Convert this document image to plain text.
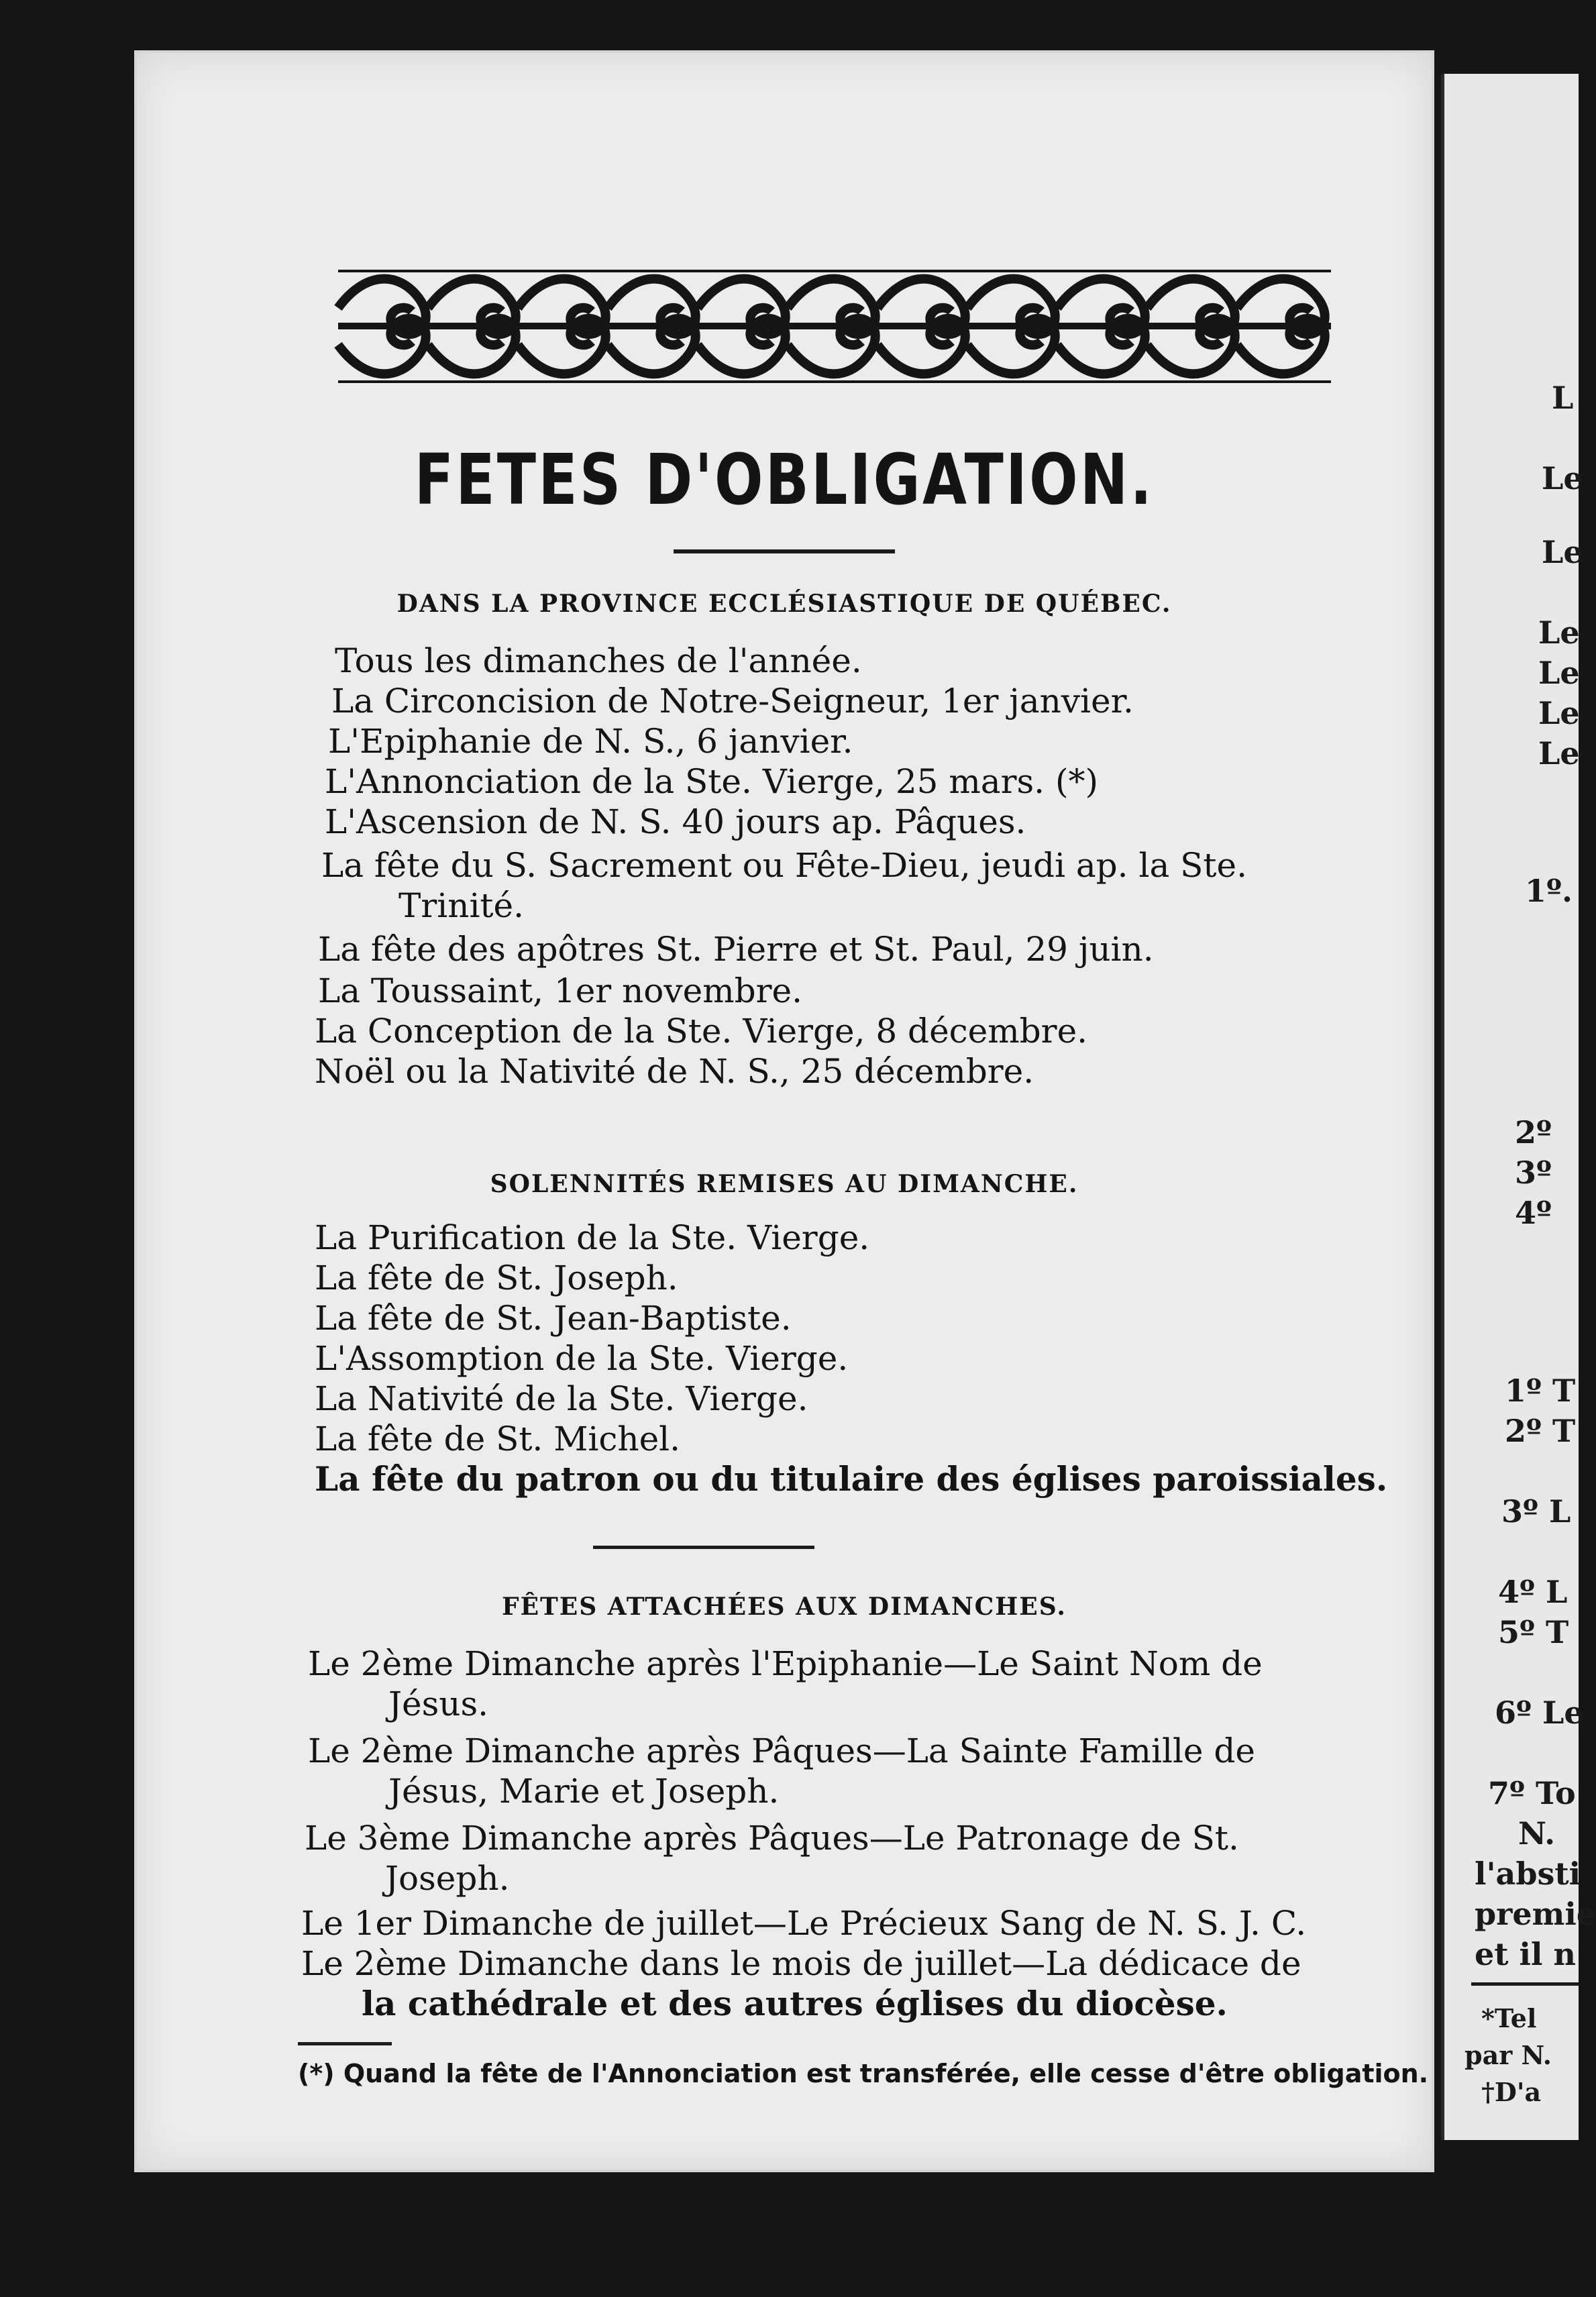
FETES D'OBLIGATION.
DANS LA PROVINCE ECCLÉSIASTIQUE DE QUÉBEC.
Tous les dimanches de l'année.
La Circoncision de Notre-Seigneur, 1er janvier.
L'Epiphanie de N. S., 6 janvier.
L'Annonciation de la Ste. Vierge, 25 mars. (*)
L'Ascension de N. S. 40 jours ap. Pâques.
La fête du S. Sacrement ou Fête-Dieu, jeudi ap. la Ste.
Trinité.
La fête des apôtres St. Pierre et St. Paul, 29 juin.
La Toussaint, 1er novembre.
La Conception de la Ste. Vierge, 8 décembre.
Noël ou la Nativité de N. S., 25 décembre.
SOLENNITÉS REMISES AU DIMANCHE.
La Purification de la Ste. Vierge.
La fête de St. Joseph.
La fête de St. Jean-Baptiste.
L'Assomption de la Ste. Vierge.
La Nativité de la Ste. Vierge.
La fête de St. Michel.
La fête du patron ou du titulaire des églises paroissiales.
FÊTES ATTACHÉES AUX DIMANCHES.
Le 2ème Dimanche après l'Epiphanie—Le Saint Nom de
Jésus.
Le 2ème Dimanche après Pâques—La Sainte Famille de
Jésus, Marie et Joseph.
Le 3ème Dimanche après Pâques—Le Patronage de St.
Joseph.
Le 1er Dimanche de juillet—Le Précieux Sang de N. S. J. C.
Le 2ème Dimanche dans le mois de juillet—La dédicace de
la cathédrale et des autres églises du diocèse.
(*) Quand la fête de l'Annonciation est transférée, elle cesse d'être obligation.
L
Le
Le
Le
Le
Le
Le
1º.
2º
3º
4º
1º T
2º T
3º L
4º L
5º T
6º Le
7º To
N.
l'absti
premie
et il n
*Tel
par N.
†D'a
